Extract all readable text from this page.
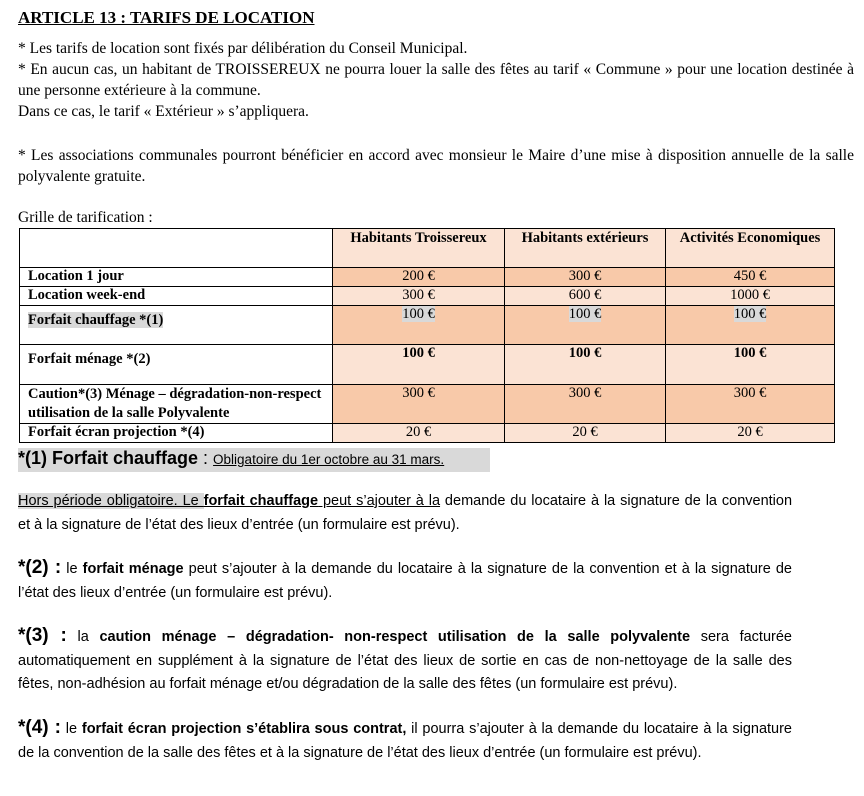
ARTICLE 13 : TARIFS DE LOCATION
* Les tarifs de location sont fixés par délibération du Conseil Municipal.
* En aucun cas, un habitant de TROISSEREUX ne pourra louer la salle des fêtes au tarif « Commune » pour une location destinée à une personne extérieure à la commune.
Dans ce cas, le tarif « Extérieur » s’appliquera.
* Les associations communales pourront bénéficier en accord avec monsieur le Maire d’une mise à disposition annuelle de la salle polyvalente gratuite.
Grille de tarification :
	Habitants Troissereux	Habitants extérieurs	Activités Economiques
Location 1 jour	200 €	300 €	450 €
Location week-end	300 €	600 €	1000 €
Forfait chauffage *(1)	100 €	100 €	100 €
Forfait ménage *(2)	100 €	100 €	100 €
Caution*(3) Ménage – dégradation-non-respect utilisation de la salle Polyvalente	300 €	300 €	300 €
Forfait écran projection *(4)	20 €	20 €	20 €
*(1) Forfait chauffage : Obligatoire du 1er octobre au 31 mars.
Hors période obligatoire. Le forfait chauffage peut s’ajouter à la demande du locataire à la signature de la convention et à la signature de l’état des lieux d’entrée (un formulaire est prévu).
*(2) : le forfait ménage peut s’ajouter à la demande du locataire à la signature de la convention et à la signature de l’état des lieux d’entrée (un formulaire est prévu).
*(3) : la caution ménage – dégradation- non-respect utilisation de la salle polyvalente sera facturée automatiquement en supplément à la signature de l’état des lieux de sortie en cas de non-nettoyage de la salle des fêtes, non-adhésion au forfait ménage et/ou dégradation de la salle des fêtes (un formulaire est prévu).
*(4) : le forfait écran projection s’établira sous contrat, il pourra s’ajouter à la demande du locataire à la signature de la convention de la salle des fêtes et à la signature de l’état des lieux d’entrée (un formulaire est prévu).
